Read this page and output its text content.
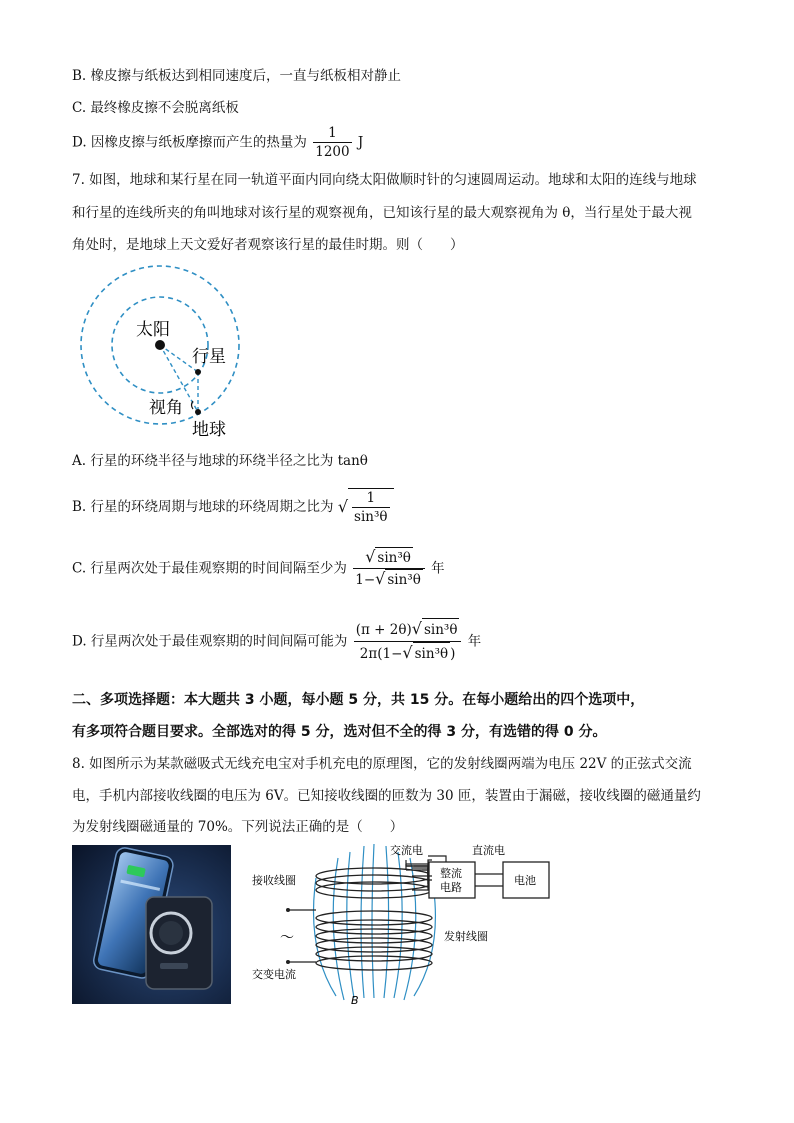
B. 橡皮擦与纸板达到相同速度后，一直与纸板相对静止
C. 最终橡皮擦不会脱离纸板
D. 因橡皮擦与纸板摩擦而产生的热量为 $\frac{1}{1200}$ J
7. 如图，地球和某行星在同一轨道平面内同向绕太阳做顺时针的匀速圆周运动。地球和太阳的连线与地球
和行星的连线所夹的角叫地球对该行星的观察视角，已知该行星的最大观察视角为 θ，当行星处于最大视
角处时，是地球上天文爱好者观察该行星的最佳时期。则（　　）
太阳
行星
视角
地球
A. 行星的环绕半径与地球的环绕半径之比为 tanθ
B. 行星的环绕周期与地球的环绕周期之比为 √ $\frac{1}{\text{sin³θ}}$
C. 行星两次处于最佳观察期的时间间隔至少为 $\frac{\text{√ sin³θ}}{\text{1−√ sin³θ}}$ 年
D. 行星两次处于最佳观察期的时间间隔可能为 $\frac{\text{(π + 2θ)√ sin³θ}}{\text{2π(1−√ sin³θ )}}$ 年
二、多项选择题：本大题共 3 小题，每小题 5 分，共 15 分。在每小题给出的四个选项中，
有多项符合题目要求。全部选对的得 5 分，选对但不全的得 3 分，有选错的得 0 分。
8. 如图所示为某款磁吸式无线充电宝对手机充电的原理图，它的发射线圈两端为电压 22V 的正弦式交流
电，手机内部接收线圈的电压为 6V。已知接收线圈的匝数为 30 匝，装置由于漏磁，接收线圈的磁通量约
为发射线圈磁通量的 70%。下列说法正确的是（　　）
接收线圈
交流电	直流电
整流
电路
电池
～	发射线圈
交变电流
B
